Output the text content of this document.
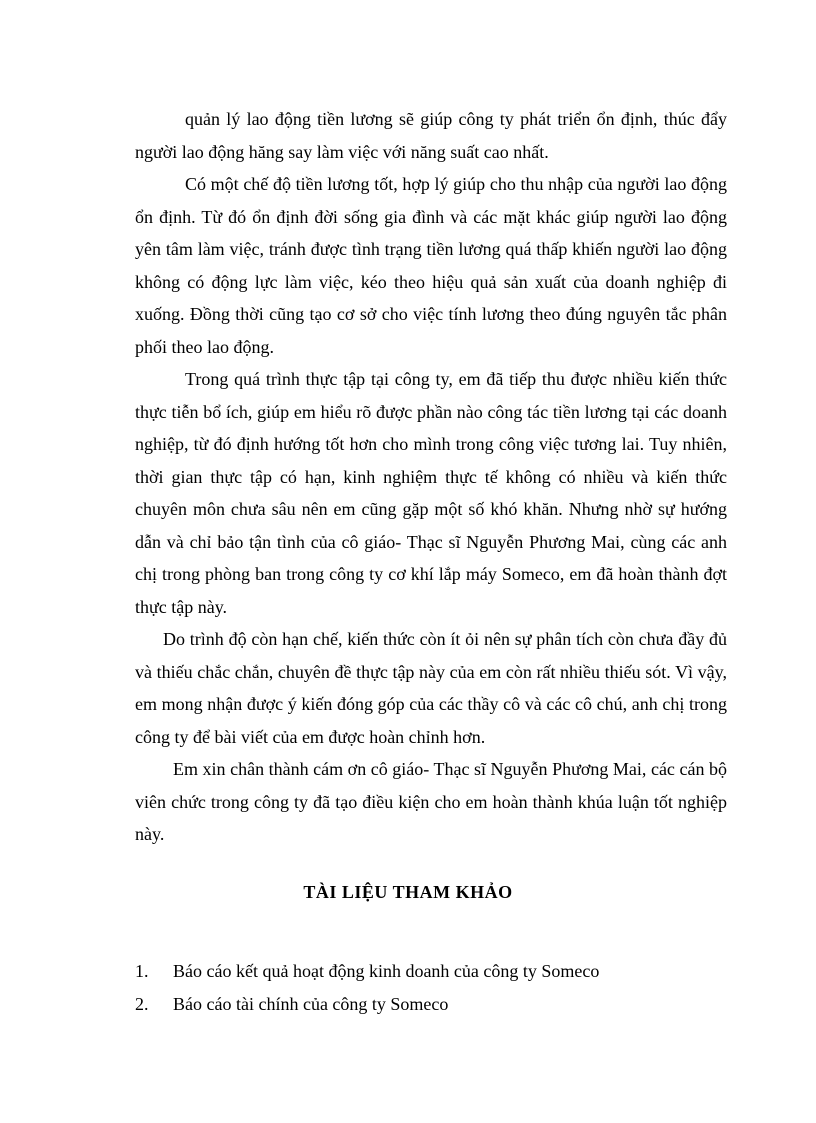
quản lý lao động tiền lương sẽ giúp công ty phát triển ổn định, thúc đẩy người lao động hăng say làm việc với năng suất cao nhất.

Có một chế độ tiền lương tốt, hợp lý giúp cho thu nhập của người lao động ổn định. Từ đó ổn định đời sống gia đình và các mặt khác giúp người lao động yên tâm làm việc, tránh được tình trạng tiền lương quá thấp khiến người lao động không có động lực làm việc, kéo theo hiệu quả sản xuất của doanh nghiệp đi xuống. Đồng thời cũng tạo cơ sở cho việc tính lương theo đúng nguyên tắc phân phối theo lao động.

Trong quá trình thực tập tại công ty, em đã tiếp thu được nhiều kiến thức thực tiễn bổ ích, giúp em hiểu rõ được phần nào công tác tiền lương tại các doanh nghiệp, từ đó định hướng tốt hơn cho mình trong công việc tương lai. Tuy nhiên, thời gian thực tập có hạn, kinh nghiệm thực tế không có nhiều và kiến thức chuyên môn chưa sâu nên em cũng gặp một số khó khăn. Nhưng nhờ sự hướng dẫn và chỉ bảo tận tình của cô giáo- Thạc sĩ Nguyễn Phương Mai, cùng các anh chị trong phòng ban trong công ty cơ khí lắp máy Someco, em đã hoàn thành đợt thực tập này.

Do trình độ còn hạn chế, kiến thức còn ít ỏi nên sự phân tích còn chưa đầy đủ và thiếu chắc chắn, chuyên đề thực tập này của em còn rất nhiều thiếu sót. Vì vậy, em mong nhận được ý kiến đóng góp của các thầy cô và các cô chú, anh chị trong công ty để bài viết của em được hoàn chỉnh hơn.

Em xin chân thành cám ơn cô giáo- Thạc sĩ Nguyễn Phương Mai, các cán bộ viên chức trong công ty đã tạo điều kiện cho em hoàn thành khúa luận tốt nghiệp này.

TÀI LIỆU THAM KHẢO
1.	Báo cáo kết quả hoạt động kinh doanh của công ty Someco
2.	Báo cáo tài chính của công ty Someco
